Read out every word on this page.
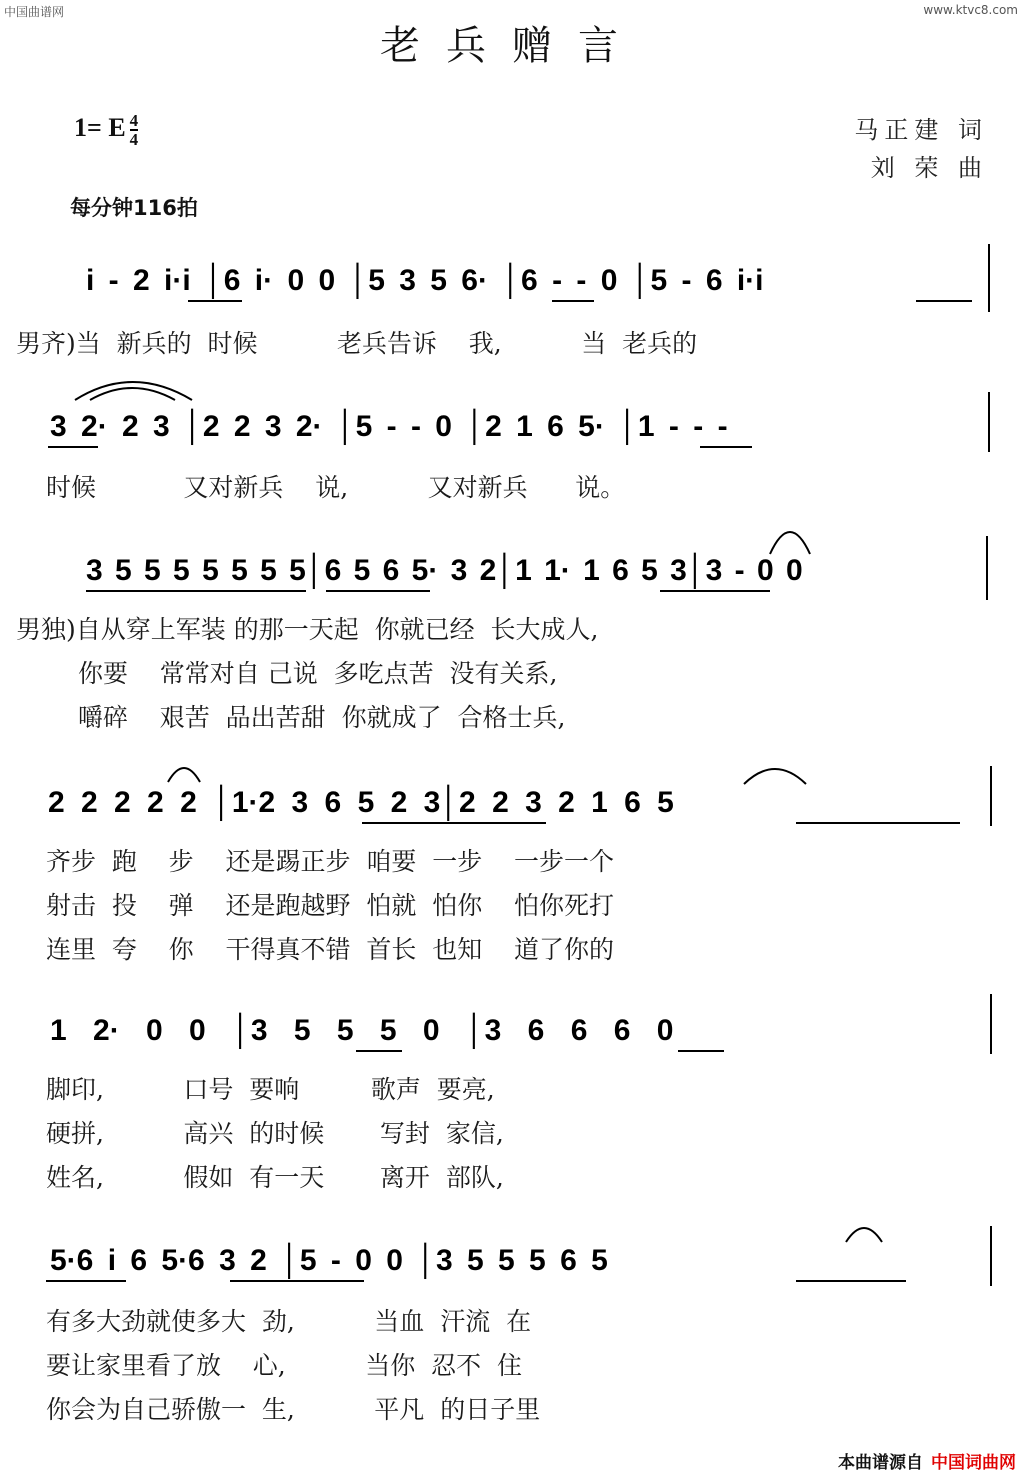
中国曲谱网	www.ktvc8.com
老兵赠言
1= E $\frac{4}{4}$
每分钟116拍
马正建 词
刘 荣 曲
i - 2 i·i │6 i· 0 0 │5 3 5 6· │6 - - 0 │5 - 6 i·i
男齐)当  新兵的  时候          老兵告诉    我,          当  老兵的
3 2· 2 3 │2 2 3 2· │5 - - 0 │2 1 6 5· │1 - - -
时候           又对新兵    说,          又对新兵      说。
3 5 5 5 5 5 5 5│6 5 6 5· 3 2│1 1· 1 6 5 3│3 - 0 0
男独)自从穿上军装 的那一天起  你就已经  长大成人,
你要    常常对自 己说  多吃点苦  没有关系,
嚼碎    艰苦  品出苦甜  你就成了  合格士兵,
2 2 2 2 2 │1·2 3 6 5 2 3│2 2 3 2 1 6 5
齐步  跑    步    还是踢正步  咱要  一步    一步一个
射击  投    弹    还是跑越野  怕就  怕你    怕你死打
连里  夸    你    干得真不错  首长  也知    道了你的
1 2· 0 0 │3 5 5 5 0 │3 6 6 6 0
脚印,          口号  要响         歌声  要亮,
硬拼,          高兴  的时候       写封  家信,
姓名,          假如  有一天       离开  部队,
5·6 i 6 5·6 3 2 │5 - 0 0 │3 5 5 5 6 5
有多大劲就使多大  劲,          当血  汗流  在
要让家里看了放    心,          当你  忍不  住
你会为自己骄傲一  生,          平凡  的日子里
本曲谱源自 中国词曲网
